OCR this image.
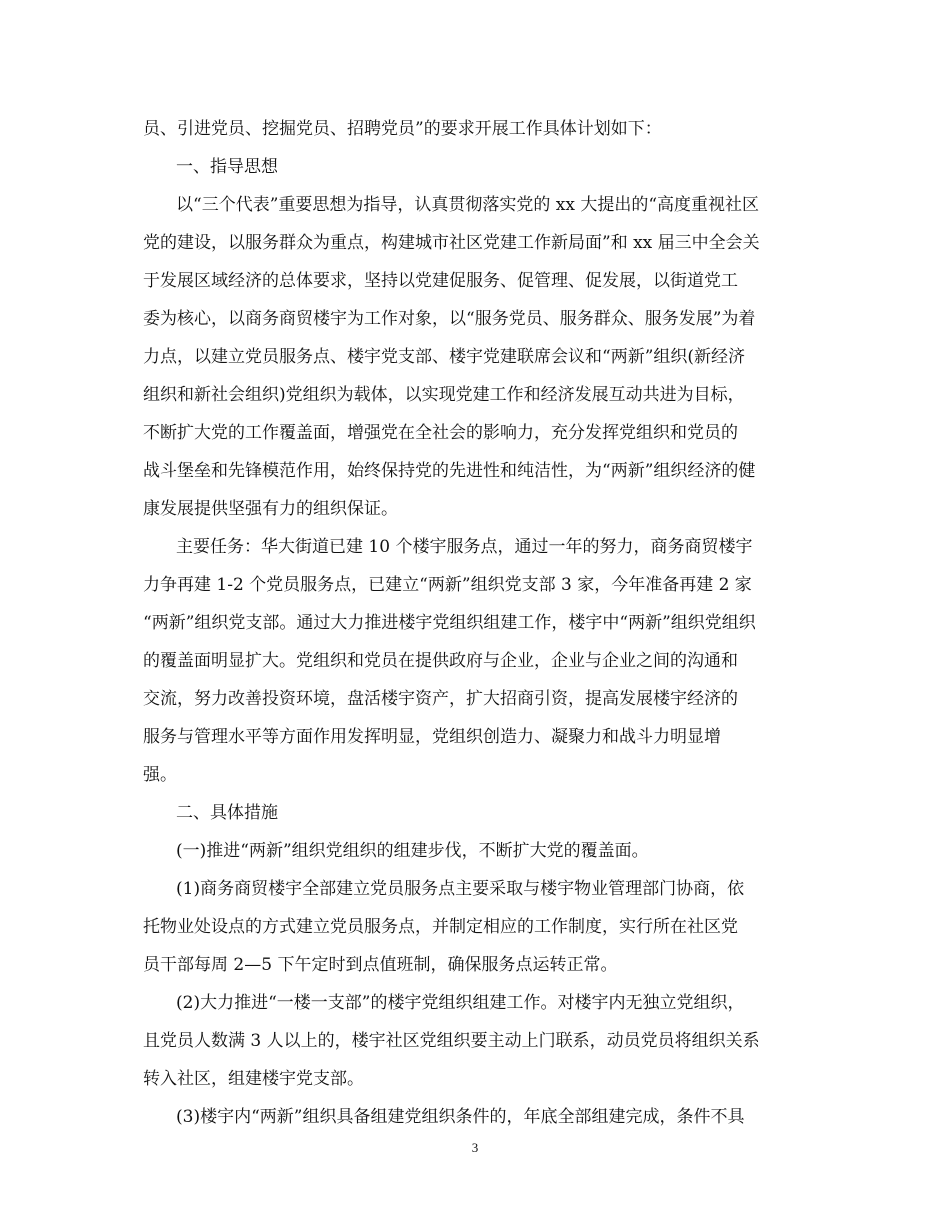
员、引进党员、挖掘党员、招聘党员”的要求开展工作具体计划如下：
一、指导思想
以“三个代表”重要思想为指导，认真贯彻落实党的 xx 大提出的“高度重视社区
党的建设，以服务群众为重点，构建城市社区党建工作新局面”和 xx 届三中全会关
于发展区域经济的总体要求，坚持以党建促服务、促管理、促发展，以街道党工
委为核心，以商务商贸楼宇为工作对象，以“服务党员、服务群众、服务发展”为着
力点，以建立党员服务点、楼宇党支部、楼宇党建联席会议和“两新”组织(新经济
组织和新社会组织)党组织为载体，以实现党建工作和经济发展互动共进为目标，
不断扩大党的工作覆盖面，增强党在全社会的影响力，充分发挥党组织和党员的
战斗堡垒和先锋模范作用，始终保持党的先进性和纯洁性，为“两新”组织经济的健
康发展提供坚强有力的组织保证。
主要任务：华大街道已建 10 个楼宇服务点，通过一年的努力，商务商贸楼宇
力争再建 1-2 个党员服务点，已建立“两新”组织党支部 3 家，今年准备再建 2 家
“两新”组织党支部。通过大力推进楼宇党组织组建工作，楼宇中“两新”组织党组织
的覆盖面明显扩大。党组织和党员在提供政府与企业，企业与企业之间的沟通和
交流，努力改善投资环境，盘活楼宇资产，扩大招商引资，提高发展楼宇经济的
服务与管理水平等方面作用发挥明显，党组织创造力、凝聚力和战斗力明显增
强。
二、具体措施
(一)推进“两新”组织党组织的组建步伐，不断扩大党的覆盖面。
(1)商务商贸楼宇全部建立党员服务点主要采取与楼宇物业管理部门协商，依
托物业处设点的方式建立党员服务点，并制定相应的工作制度，实行所在社区党
员干部每周 2—5 下午定时到点值班制，确保服务点运转正常。
(2)大力推进“一楼一支部”的楼宇党组织组建工作。对楼宇内无独立党组织，
且党员人数满 3 人以上的，楼宇社区党组织要主动上门联系，动员党员将组织关系
转入社区，组建楼宇党支部。
(3)楼宇内“两新”组织具备组建党组织条件的，年底全部组建完成，条件不具
3
